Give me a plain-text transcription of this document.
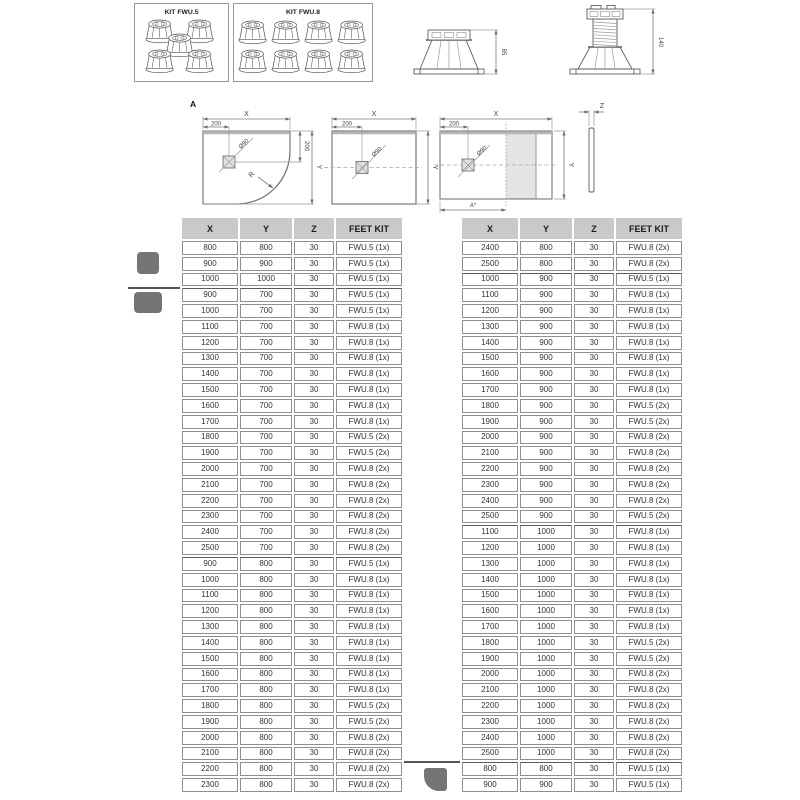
KIT FWU.5	KIT FWU.8
85
140
A
Ø90
R
X
200
200
Y
Ø90
X
200
Y
Ø90
X
200
Y
A*
Z
X	Y	Z	FEET KIT
800	800	30	FWU.5 (1x)
900	900	30	FWU.5 (1x)
1000	1000	30	FWU.5 (1x)
900	700	30	FWU.5 (1x)
1000	700	30	FWU.5 (1x)
1100	700	30	FWU.8 (1x)
1200	700	30	FWU.8 (1x)
1300	700	30	FWU.8 (1x)
1400	700	30	FWU.8 (1x)
1500	700	30	FWU.8 (1x)
1600	700	30	FWU.8 (1x)
1700	700	30	FWU.8 (1x)
1800	700	30	FWU.5 (2x)
1900	700	30	FWU.5 (2x)
2000	700	30	FWU.8 (2x)
2100	700	30	FWU.8 (2x)
2200	700	30	FWU.8 (2x)
2300	700	30	FWU.8 (2x)
2400	700	30	FWU.8 (2x)
2500	700	30	FWU.8 (2x)
900	800	30	FWU.5 (1x)
1000	800	30	FWU.8 (1x)
1100	800	30	FWU.8 (1x)
1200	800	30	FWU.8 (1x)
1300	800	30	FWU.8 (1x)
1400	800	30	FWU.8 (1x)
1500	800	30	FWU.8 (1x)
1600	800	30	FWU.8 (1x)
1700	800	30	FWU.8 (1x)
1800	800	30	FWU.5 (2x)
1900	800	30	FWU.5 (2x)
2000	800	30	FWU.8 (2x)
2100	800	30	FWU.8 (2x)
2200	800	30	FWU.8 (2x)
2300	800	30	FWU.8 (2x)
X	Y	Z	FEET KIT
2400	800	30	FWU.8 (2x)
2500	800	30	FWU.8 (2x)
1000	900	30	FWU.5 (1x)
1100	900	30	FWU.8 (1x)
1200	900	30	FWU.8 (1x)
1300	900	30	FWU.8 (1x)
1400	900	30	FWU.8 (1x)
1500	900	30	FWU.8 (1x)
1600	900	30	FWU.8 (1x)
1700	900	30	FWU.8 (1x)
1800	900	30	FWU.5 (2x)
1900	900	30	FWU.5 (2x)
2000	900	30	FWU.8 (2x)
2100	900	30	FWU.8 (2x)
2200	900	30	FWU.8 (2x)
2300	900	30	FWU.8 (2x)
2400	900	30	FWU.8 (2x)
2500	900	30	FWU.5 (2x)
1100	1000	30	FWU.8 (1x)
1200	1000	30	FWU.8 (1x)
1300	1000	30	FWU.8 (1x)
1400	1000	30	FWU.8 (1x)
1500	1000	30	FWU.8 (1x)
1600	1000	30	FWU.8 (1x)
1700	1000	30	FWU.8 (1x)
1800	1000	30	FWU.5 (2x)
1900	1000	30	FWU.5 (2x)
2000	1000	30	FWU.8 (2x)
2100	1000	30	FWU.8 (2x)
2200	1000	30	FWU.8 (2x)
2300	1000	30	FWU.8 (2x)
2400	1000	30	FWU.8 (2x)
2500	1000	30	FWU.8 (2x)
800	800	30	FWU.5 (1x)
900	900	30	FWU.5 (1x)
